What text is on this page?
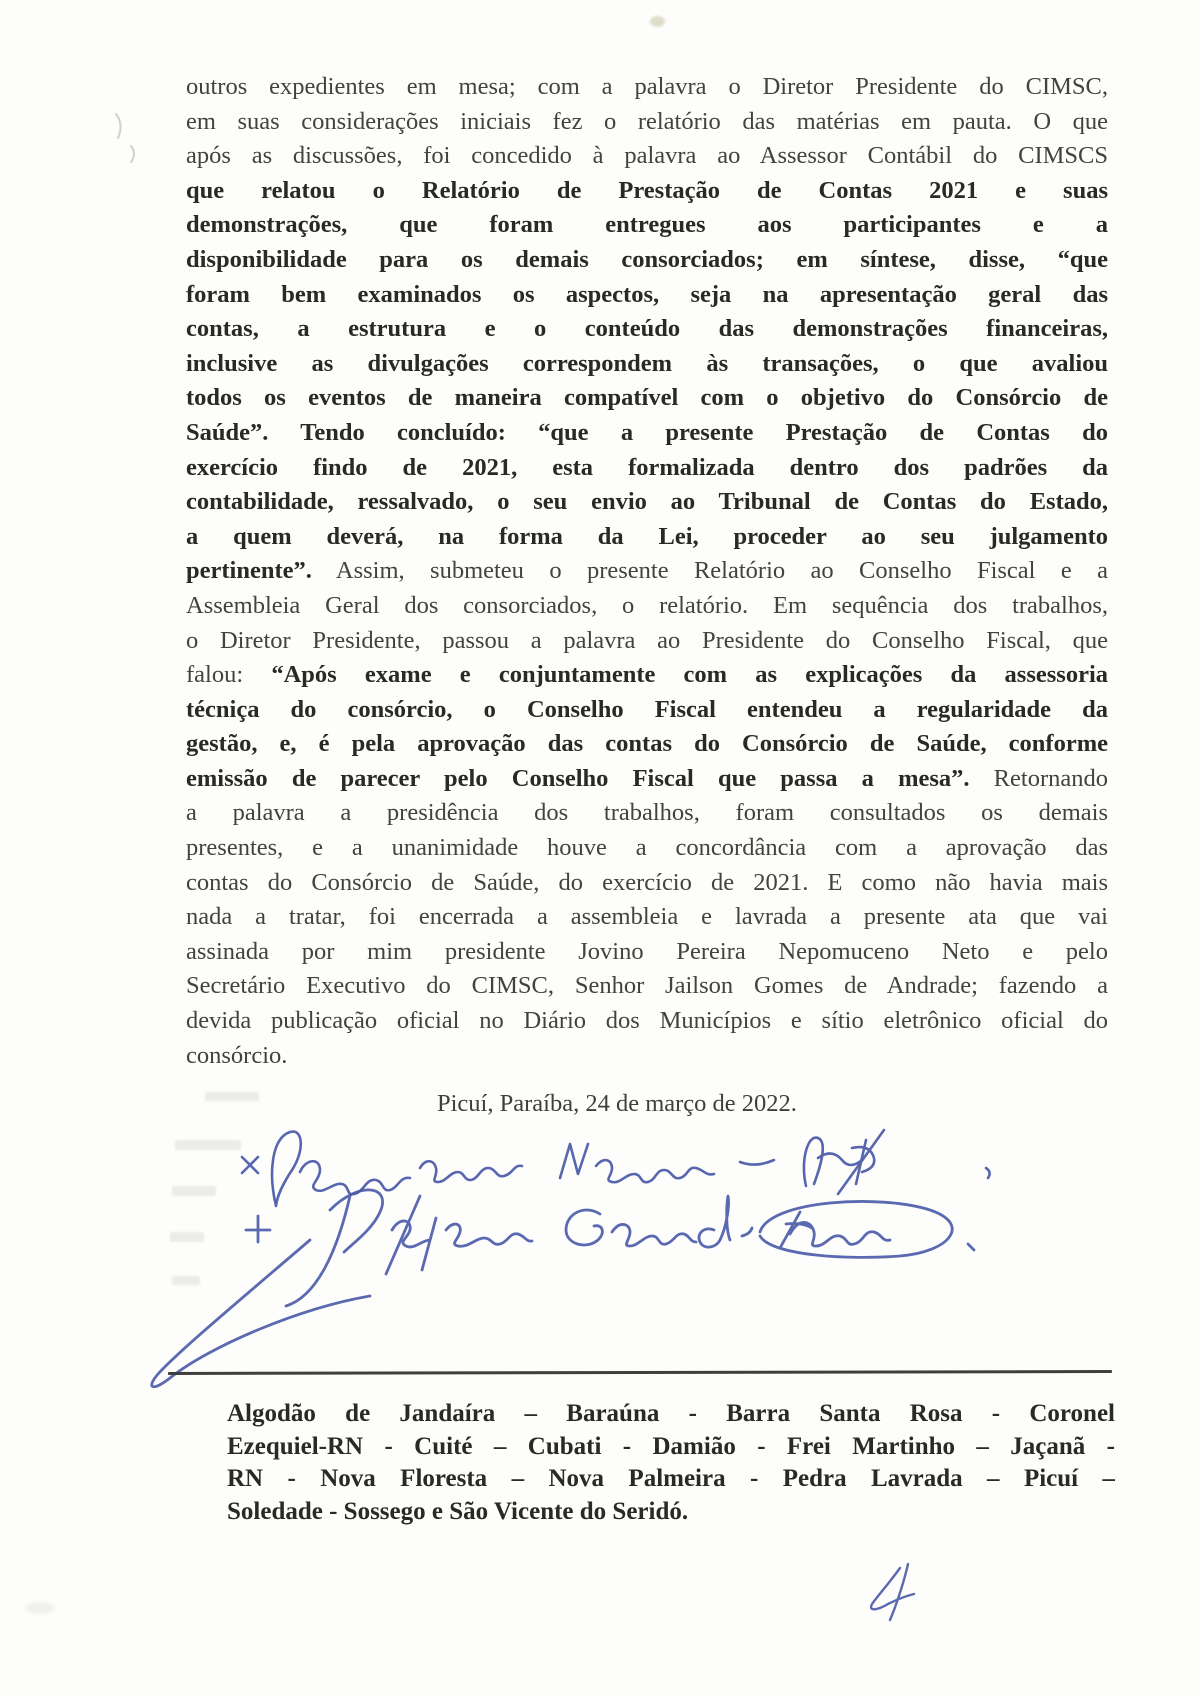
outros expedientes em mesa; com a palavra o Diretor Presidente do CIMSC,
em suas considerações iniciais fez o relatório das matérias em pauta. O que
após as discussões, foi concedido à palavra ao Assessor Contábil do CIMSCS
que relatou o Relatório de Prestação de Contas 2021 e suas
demonstrações, que foram entregues aos participantes e a
disponibilidade para os demais consorciados; em síntese, disse, “que
foram bem examinados os aspectos, seja na apresentação geral das
contas, a estrutura e o conteúdo das demonstrações financeiras,
inclusive as divulgações correspondem às transações, o que avaliou
todos os eventos de maneira compatível com o objetivo do Consórcio de
Saúde”. Tendo concluído: “que a presente Prestação de Contas do
exercício findo de 2021, esta formalizada dentro dos padrões da
contabilidade, ressalvado, o seu envio ao Tribunal de Contas do Estado,
a quem deverá, na forma da Lei, proceder ao seu julgamento
pertinente”. Assim, submeteu o presente Relatório ao Conselho Fiscal e a
Assembleia Geral dos consorciados, o relatório. Em sequência dos trabalhos,
o Diretor Presidente, passou a palavra ao Presidente do Conselho Fiscal, que
falou: “Após exame e conjuntamente com as explicações da assessoria
técniça do consórcio, o Conselho Fiscal entendeu a regularidade da
gestão, e, é pela aprovação das contas do Consórcio de Saúde, conforme
emissão de parecer pelo Conselho Fiscal que passa a mesa”. Retornando
a palavra a presidência dos trabalhos, foram consultados os demais
presentes, e a unanimidade houve a concordância com a aprovação das
contas do Consórcio de Saúde, do exercício de 2021. E como não havia mais
nada a tratar, foi encerrada a assembleia e lavrada a presente ata que vai
assinada por mim presidente Jovino Pereira Nepomuceno Neto e pelo
Secretário Executivo do CIMSC, Senhor Jailson Gomes de Andrade; fazendo a
devida publicação oficial no Diário dos Municípios e sítio eletrônico oficial do
consórcio.
Picuí, Paraíba, 24 de março de 2022.
Algodão de Jandaíra – Baraúna - Barra Santa Rosa - Coronel
Ezequiel-RN - Cuité – Cubati - Damião - Frei Martinho – Jaçanã -
RN - Nova Floresta – Nova Palmeira - Pedra Lavrada – Picuí –
Soledade - Sossego e São Vicente do Seridó.
